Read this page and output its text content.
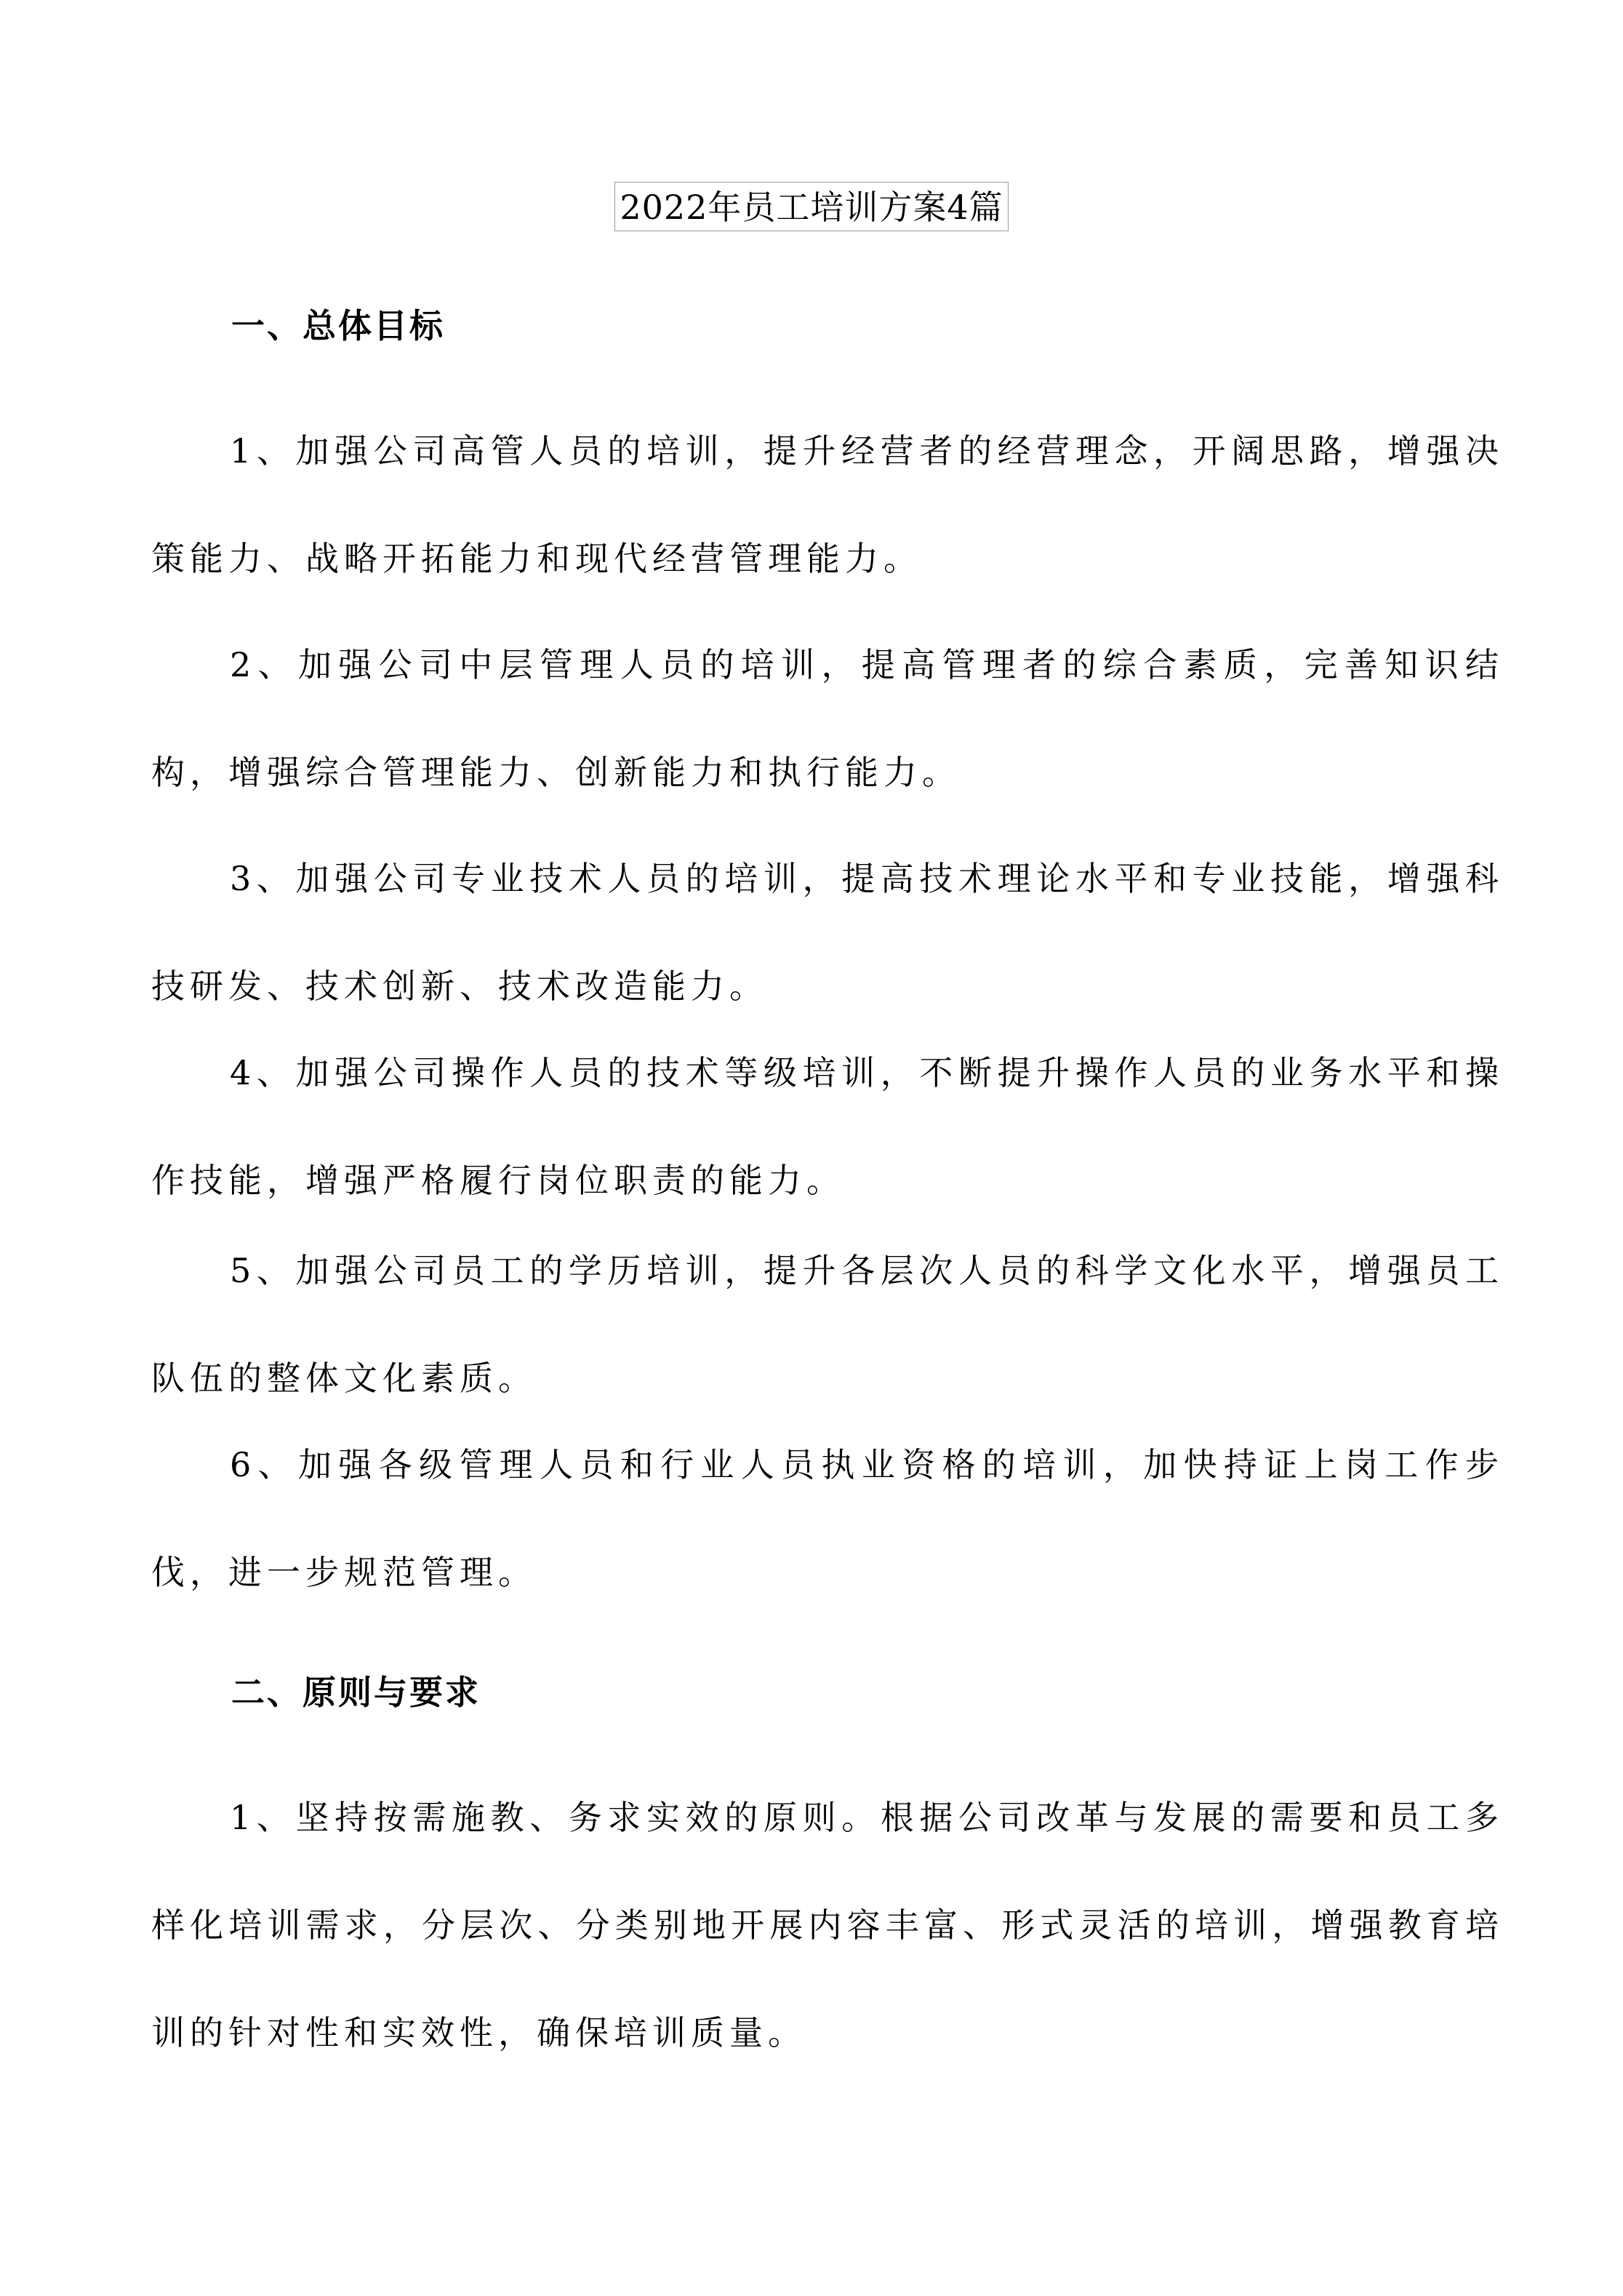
2022年员工培训方案4篇
一、总体目标

1、加强公司高管人员的培训，提升经营者的经营理念，开阔思路，增强决策能力、战略开拓能力和现代经营管理能力。

2、加强公司中层管理人员的培训，提高管理者的综合素质，完善知识结构，增强综合管理能力、创新能力和执行能力。

3、加强公司专业技术人员的培训，提高技术理论水平和专业技能，增强科技研发、技术创新、技术改造能力。

4、加强公司操作人员的技术等级培训，不断提升操作人员的业务水平和操作技能，增强严格履行岗位职责的能力。

5、加强公司员工的学历培训，提升各层次人员的科学文化水平，增强员工队伍的整体文化素质。

6、加强各级管理人员和行业人员执业资格的培训，加快持证上岗工作步伐，进一步规范管理。

二、原则与要求

1、坚持按需施教、务求实效的原则。根据公司改革与发展的需要和员工多样化培训需求，分层次、分类别地开展内容丰富、形式灵活的培训，增强教育培训的针对性和实效性，确保培训质量。
